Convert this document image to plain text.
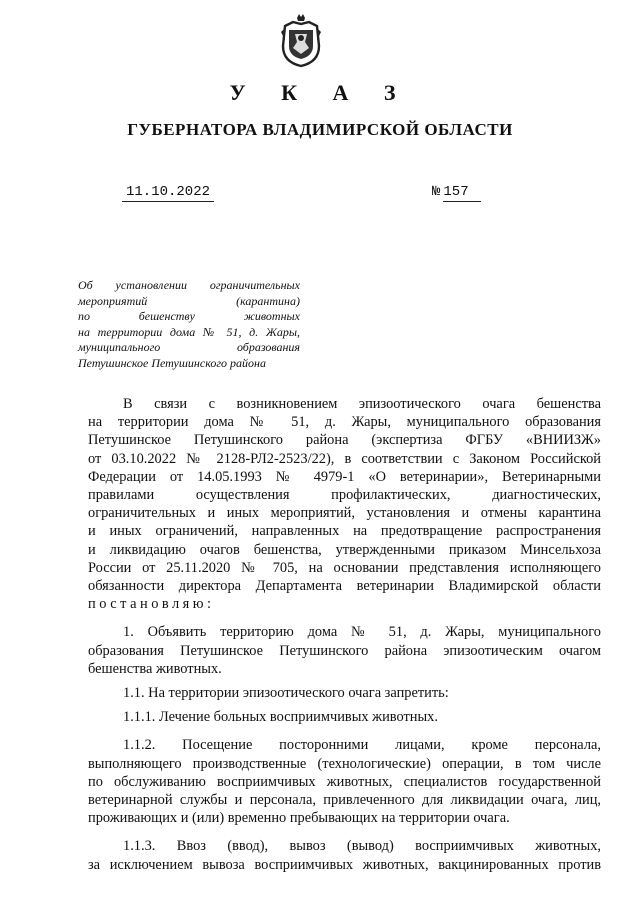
У К А З
ГУБЕРНАТОРА ВЛАДИМИРСКОЙ ОБЛАСТИ
11.10.2022	№ 157
Об установлении ограничительных
мероприятий (карантина)
по бешенству животных
на территории дома № 51, д. Жары,
муниципального образования
Петушинское Петушинского района
В связи с возникновением эпизоотического очага бешенства
на территории дома № 51, д. Жары, муниципального образования
Петушинское Петушинского района (экспертиза ФГБУ «ВНИИЗЖ»
от 03.10.2022 № 2128-РЛ2-2523/22), в соответствии с Законом Российской
Федерации от 14.05.1993 № 4979-1 «О ветеринарии», Ветеринарными
правилами осуществления профилактических, диагностических,
ограничительных и иных мероприятий, установления и отмены карантина
и иных ограничений, направленных на предотвращение распространения
и ликвидацию очагов бешенства, утвержденными приказом Минсельхоза
России от 25.11.2020 № 705, на основании представления исполняющего
обязанности директора Департамента ветеринарии Владимирской области
постановляю:
1. Объявить территорию дома № 51, д. Жары, муниципального
образования Петушинское Петушинского района эпизоотическим очагом
бешенства животных.
1.1. На территории эпизоотического очага запретить:
1.1.1. Лечение больных восприимчивых животных.
1.1.2. Посещение посторонними лицами, кроме персонала,
выполняющего производственные (технологические) операции, в том числе
по обслуживанию восприимчивых животных, специалистов государственной
ветеринарной службы и персонала, привлеченного для ликвидации очага, лиц,
проживающих и (или) временно пребывающих на территории очага.
1.1.3. Ввоз (ввод), вывоз (вывод) восприимчивых животных,
за исключением вывоза восприимчивых животных, вакцинированных против
